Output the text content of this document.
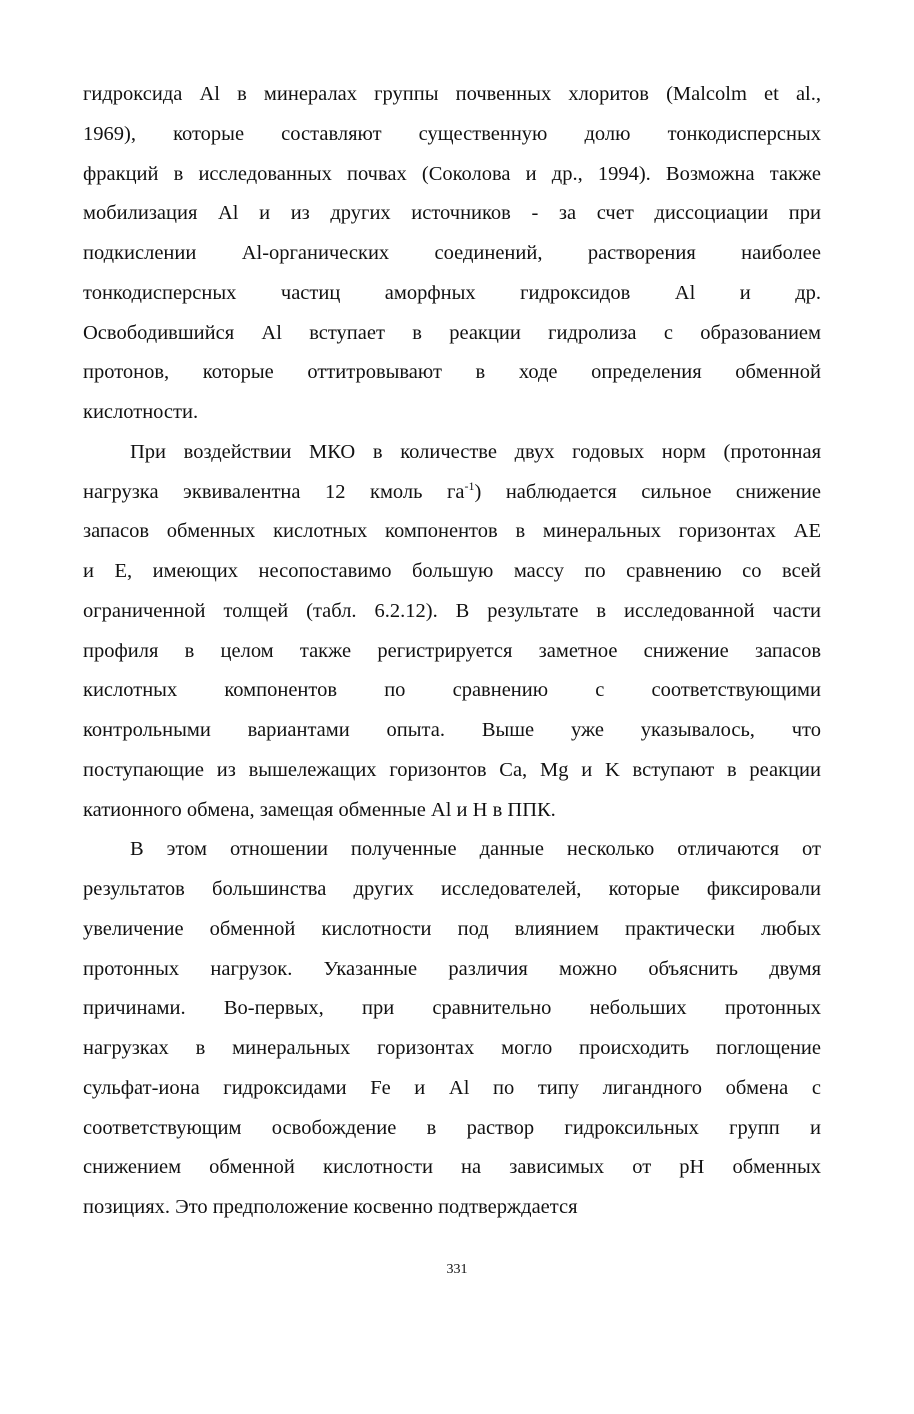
гидроксида Al в минералах группы почвенных хлоритов (Malcolm et al.,
1969), которые составляют существенную долю тонкодисперсных
фракций в исследованных почвах (Соколова и др., 1994). Возможна также
мобилизация Al и из других источников - за счет диссоциации при
подкислении Al-органических соединений, растворения наиболее
тонкодисперсных частиц аморфных гидроксидов Al и др.
Освободившийся Al вступает в реакции гидролиза с образованием
протонов, которые оттитровывают в ходе определения обменной
кислотности.
При воздействии МКО в количестве двух годовых норм (протонная
нагрузка эквивалентна 12 кмоль $га^{-1}$) наблюдается сильное снижение
запасов обменных кислотных компонентов в минеральных горизонтах AE
и E, имеющих несопоставимо большую массу по сравнению со всей
ограниченной толщей (табл. 6.2.12). В результате в исследованной части
профиля в целом также регистрируется заметное снижение запасов
кислотных компонентов по сравнению с соответствующими
контрольными вариантами опыта. Выше уже указывалось, что
поступающие из вышележащих горизонтов Ca, Mg и K вступают в реакции
катионного обмена, замещая обменные Al и H в ППК.
В этом отношении полученные данные несколько отличаются от
результатов большинства других исследователей, которые фиксировали
увеличение обменной кислотности под влиянием практически любых
протонных нагрузок. Указанные различия можно объяснить двумя
причинами. Во-первых, при сравнительно небольших протонных
нагрузках в минеральных горизонтах могло происходить поглощение
сульфат-иона гидроксидами Fe и Al по типу лигандного обмена с
соответствующим освобождение в раствор гидроксильных групп и
снижением обменной кислотности на зависимых от pH обменных
позициях. Это предположение косвенно подтверждается
331
